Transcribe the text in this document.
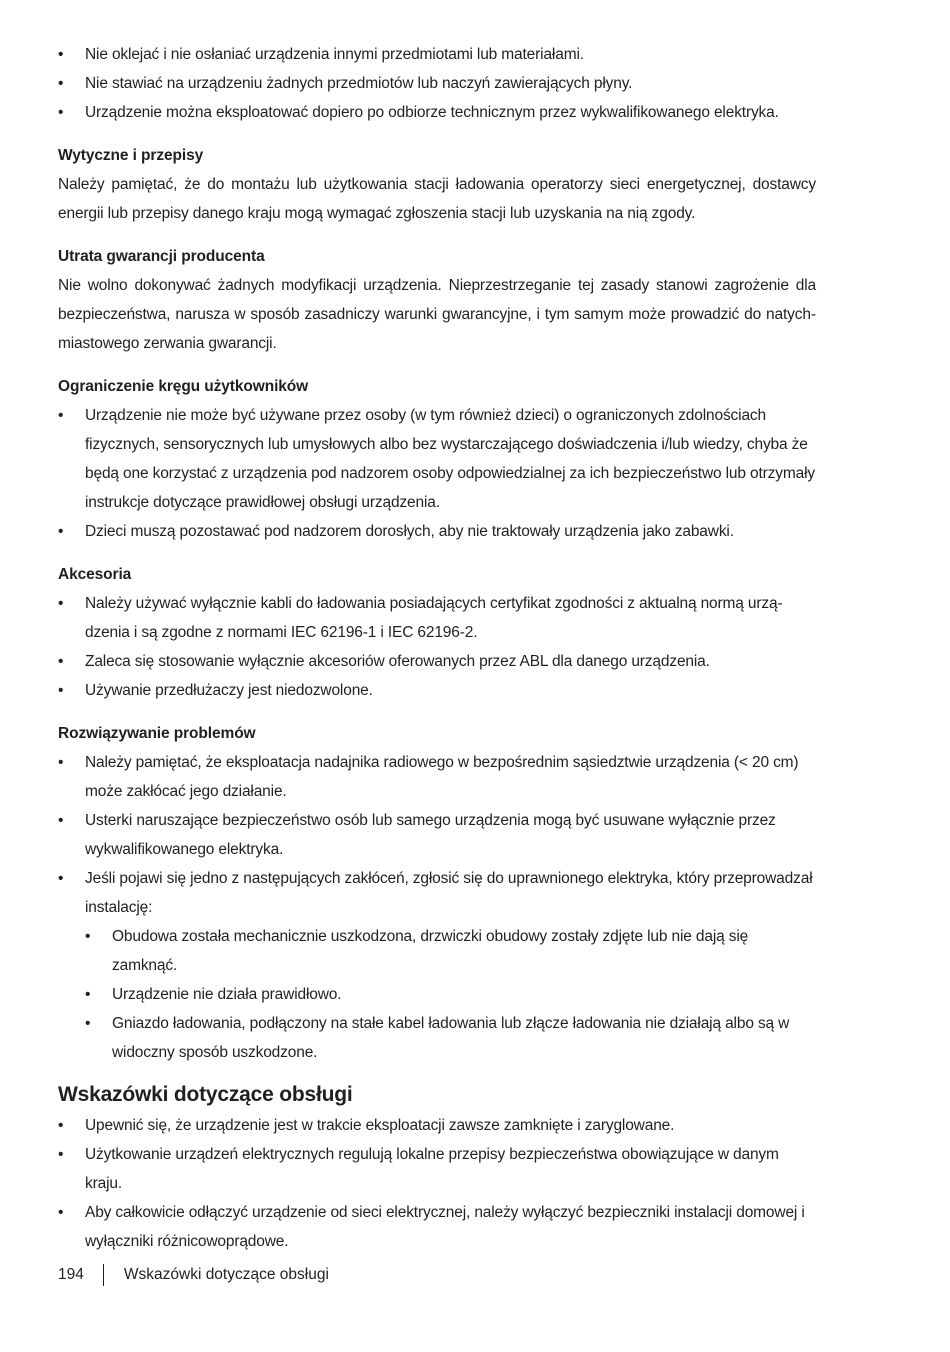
•	Nie oklejać i nie osłaniać urządzenia innymi przedmiotami lub materiałami.
•	Nie stawiać na urządzeniu żadnych przedmiotów lub naczyń zawierających płyny.
•	Urządzenie można eksploatować dopiero po odbiorze technicznym przez wykwalifikowanego elektryka.
Wytyczne i przepisy

Należy pamiętać, że do montażu lub użytkowania stacji ładowania operatorzy sieci energetycznej, dostawcy energii lub przepisy danego kraju mogą wymagać zgłoszenia stacji lub uzyskania na nią zgody.

Utrata gwarancji producenta

Nie wolno dokonywać żadnych modyfikacji urządzenia. Nieprzestrzeganie tej zasady stanowi zagrożenie dla bezpieczeństwa, narusza w sposób zasadniczy warunki gwarancyjne, i tym samym może prowadzić do natychmiastowego zerwania gwarancji.

Ograniczenie kręgu użytkowników
•	Urządzenie nie może być używane przez osoby (w tym również dzieci) o ograniczonych zdolnościach fizycznych, sensorycznych lub umysłowych albo bez wystarczającego doświadczenia i/lub wiedzy, chyba że będą one korzystać z urządzenia pod nadzorem osoby odpowiedzialnej za ich bezpieczeństwo lub otrzymały instrukcje dotyczące prawidłowej obsługi urządzenia.
•	Dzieci muszą pozostawać pod nadzorem dorosłych, aby nie traktowały urządzenia jako zabawki.
Akcesoria
•	Należy używać wyłącznie kabli do ładowania posiadających certyfikat zgodności z aktualną normą urządzenia i są zgodne z normami IEC 62196-1 i IEC 62196-2.
•	Zaleca się stosowanie wyłącznie akcesoriów oferowanych przez ABL dla danego urządzenia.
•	Używanie przedłużaczy jest niedozwolone.
Rozwiązywanie problemów
•	Należy pamiętać, że eksploatacja nadajnika radiowego w bezpośrednim sąsiedztwie urządzenia (< 20 cm) może zakłócać jego działanie.
•	Usterki naruszające bezpieczeństwo osób lub samego urządzenia mogą być usuwane wyłącznie przez wykwalifikowanego elektryka.
•	Jeśli pojawi się jedno z następujących zakłóceń, zgłosić się do uprawnionego elektryka, który przeprowadzał instalację:
•	Obudowa została mechanicznie uszkodzona, drzwiczki obudowy zostały zdjęte lub nie dają się zamknąć.
•	Urządzenie nie działa prawidłowo.
•	Gniazdo ładowania, podłączony na stałe kabel ładowania lub złącze ładowania nie działają albo są w widoczny sposób uszkodzone.
Wskazówki dotyczące obsługi
•	Upewnić się, że urządzenie jest w trakcie eksploatacji zawsze zamknięte i zaryglowane.
•	Użytkowanie urządzeń elektrycznych regulują lokalne przepisy bezpieczeństwa obowiązujące w danym kraju.
•	Aby całkowicie odłączyć urządzenie od sieci elektrycznej, należy wyłączyć bezpieczniki instalacji domowej i wyłączniki różnicowoprądowe.
194	Wskazówki dotyczące obsługi
